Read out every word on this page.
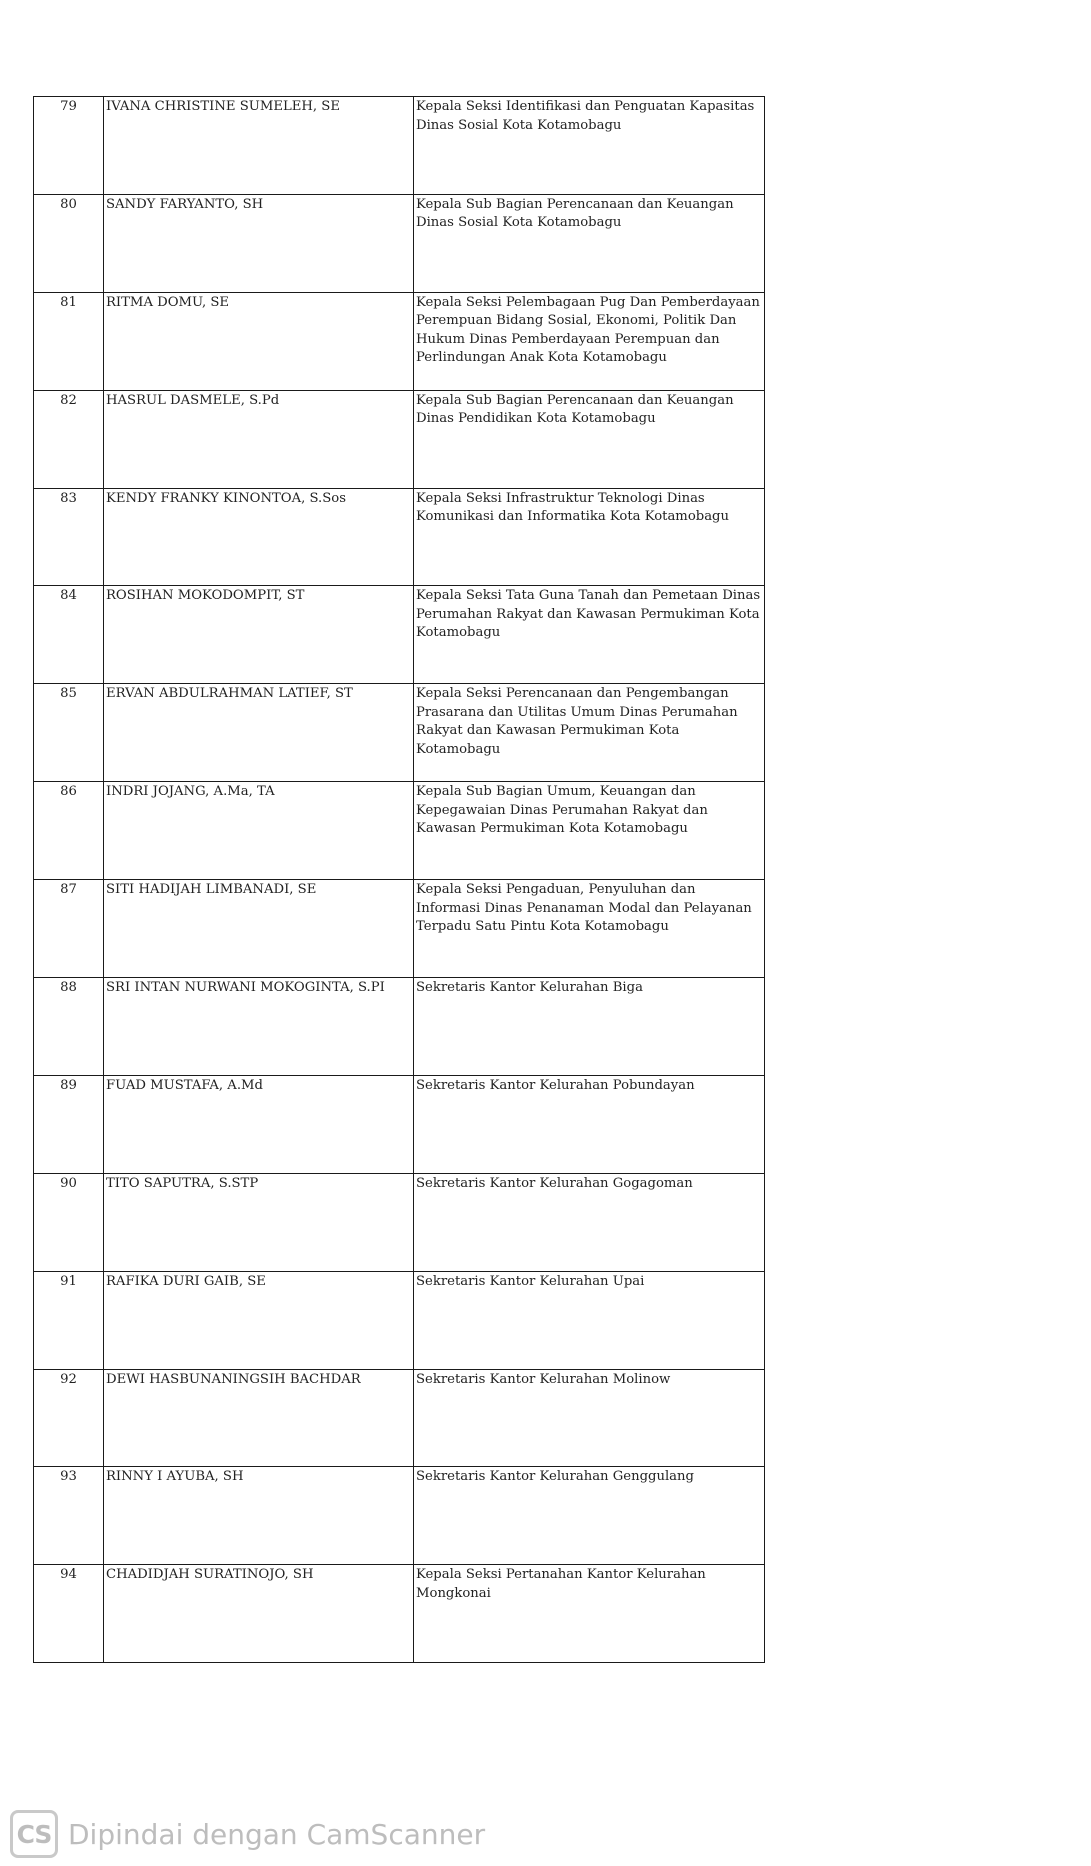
79	IVANA CHRISTINE SUMELEH, SE	Kepala Seksi Identifikasi dan Penguatan Kapasitas Dinas Sosial Kota Kotamobagu
80	SANDY FARYANTO, SH	Kepala Sub Bagian Perencanaan dan Keuangan Dinas Sosial Kota Kotamobagu
81	RITMA DOMU, SE	Kepala Seksi Pelembagaan Pug Dan Pemberdayaan Perempuan Bidang Sosial, Ekonomi, Politik Dan Hukum Dinas Pemberdayaan Perempuan dan Perlindungan Anak Kota Kotamobagu
82	HASRUL DASMELE, S.Pd	Kepala Sub Bagian Perencanaan dan Keuangan Dinas Pendidikan Kota Kotamobagu
83	KENDY FRANKY KINONTOA, S.Sos	Kepala Seksi Infrastruktur Teknologi Dinas Komunikasi dan Informatika Kota Kotamobagu
84	ROSIHAN MOKODOMPIT, ST	Kepala Seksi Tata Guna Tanah dan Pemetaan Dinas Perumahan Rakyat dan Kawasan Permukiman Kota Kotamobagu
85	ERVAN ABDULRAHMAN LATIEF, ST	Kepala Seksi Perencanaan dan Pengembangan Prasarana dan Utilitas Umum Dinas Perumahan Rakyat dan Kawasan Permukiman Kota Kotamobagu
86	INDRI JOJANG, A.Ma, TA	Kepala Sub Bagian Umum, Keuangan dan Kepegawaian Dinas Perumahan Rakyat dan Kawasan Permukiman Kota Kotamobagu
87	SITI HADIJAH LIMBANADI, SE	Kepala Seksi Pengaduan, Penyuluhan dan Informasi Dinas Penanaman Modal dan Pelayanan Terpadu Satu Pintu Kota Kotamobagu
88	SRI INTAN NURWANI MOKOGINTA, S.PI	Sekretaris Kantor Kelurahan Biga
89	FUAD MUSTAFA, A.Md	Sekretaris Kantor Kelurahan Pobundayan
90	TITO SAPUTRA, S.STP	Sekretaris Kantor Kelurahan Gogagoman
91	RAFIKA DURI GAIB, SE	Sekretaris Kantor Kelurahan Upai
92	DEWI HASBUNANINGSIH BACHDAR	Sekretaris Kantor Kelurahan Molinow
93	RINNY I AYUBA, SH	Sekretaris Kantor Kelurahan Genggulang
94	CHADIDJAH SURATINOJO, SH	Kepala Seksi Pertanahan Kantor Kelurahan Mongkonai
CS Dipindai dengan CamScanner
